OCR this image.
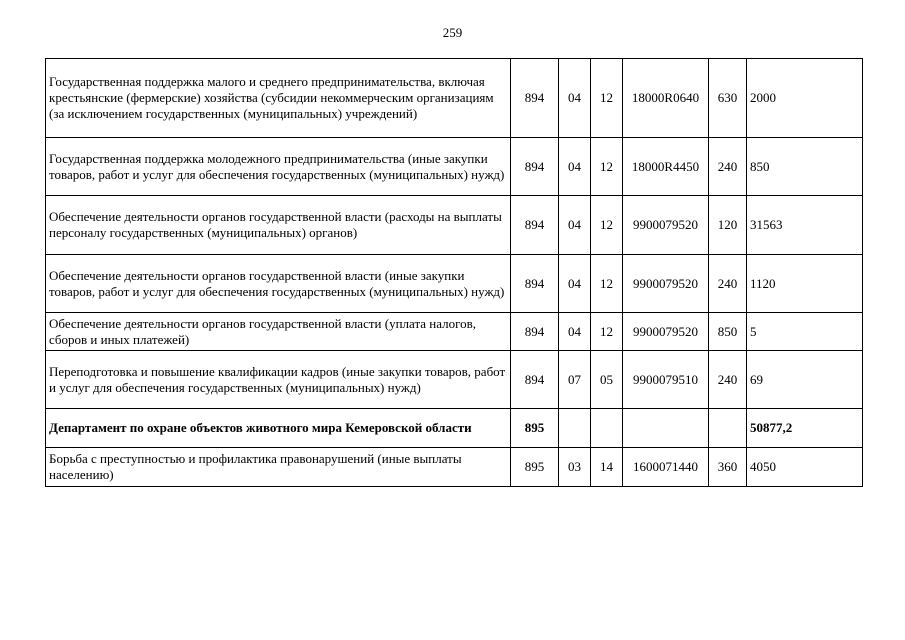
259
Государственная поддержка малого и среднего предпринимательства, включая крестьянские (фермерские) хозяйства (субсидии некоммерческим организациям (за исключением государственных (муниципальных) учреждений)	894	04	12	18000R0640	630	2000
Государственная поддержка молодежного предпринимательства (иные закупки товаров, работ и услуг для обеспечения государственных (муниципальных) нужд)	894	04	12	18000R4450	240	850
Обеспечение деятельности органов государственной власти (расходы на выплаты персоналу государственных (муниципальных) органов)	894	04	12	9900079520	120	31563
Обеспечение деятельности органов государственной власти (иные закупки товаров, работ и услуг для обеспечения государственных (муниципальных) нужд)	894	04	12	9900079520	240	1120
Обеспечение деятельности органов государственной власти (уплата налогов, сборов и иных платежей)	894	04	12	9900079520	850	5
Переподготовка и повышение квалификации кадров (иные закупки товаров, работ и услуг для обеспечения государственных (муниципальных) нужд)	894	07	05	9900079510	240	69
Департамент по охране объектов животного мира Кемеровской области	895					50877,2
Борьба с преступностью и профилактика правонарушений (иные выплаты населению)	895	03	14	1600071440	360	4050
